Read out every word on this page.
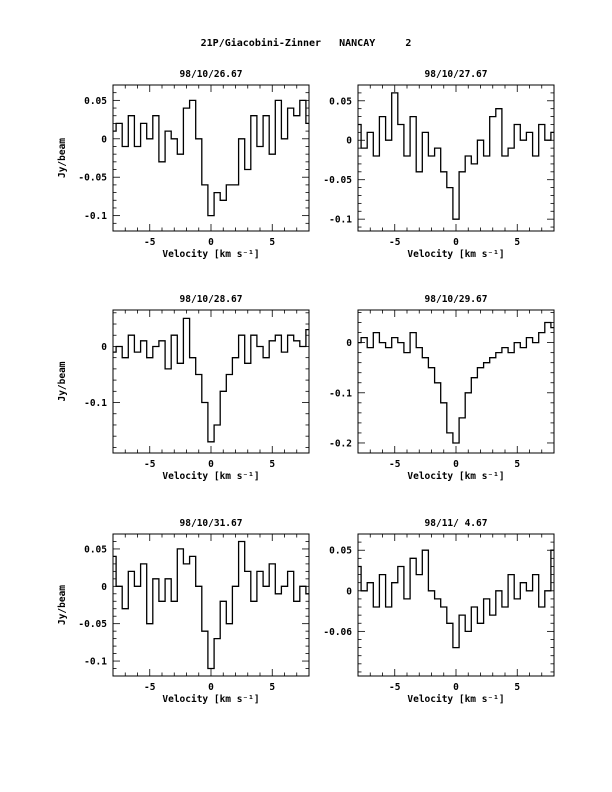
21P/Giacobini-Zinner   NANCAY     2
98/10/26.67
-5	0	5
0.05
0
-0.05
-0.1
Velocity [km s⁻¹]
Jy/beam
98/10/27.67
-5	0	5
0.05
0
-0.05
-0.1
Velocity [km s⁻¹]
98/10/28.67
-5	0	5
0
-0.1
Velocity [km s⁻¹]
Jy/beam
98/10/29.67
-5	0	5
0
-0.1
-0.2
Velocity [km s⁻¹]
98/10/31.67
-5	0	5
0.05
0
-0.05
-0.1
Velocity [km s⁻¹]
Jy/beam
98/11/ 4.67
-5	0	5
0.05
0
-0.06
Velocity [km s⁻¹]
